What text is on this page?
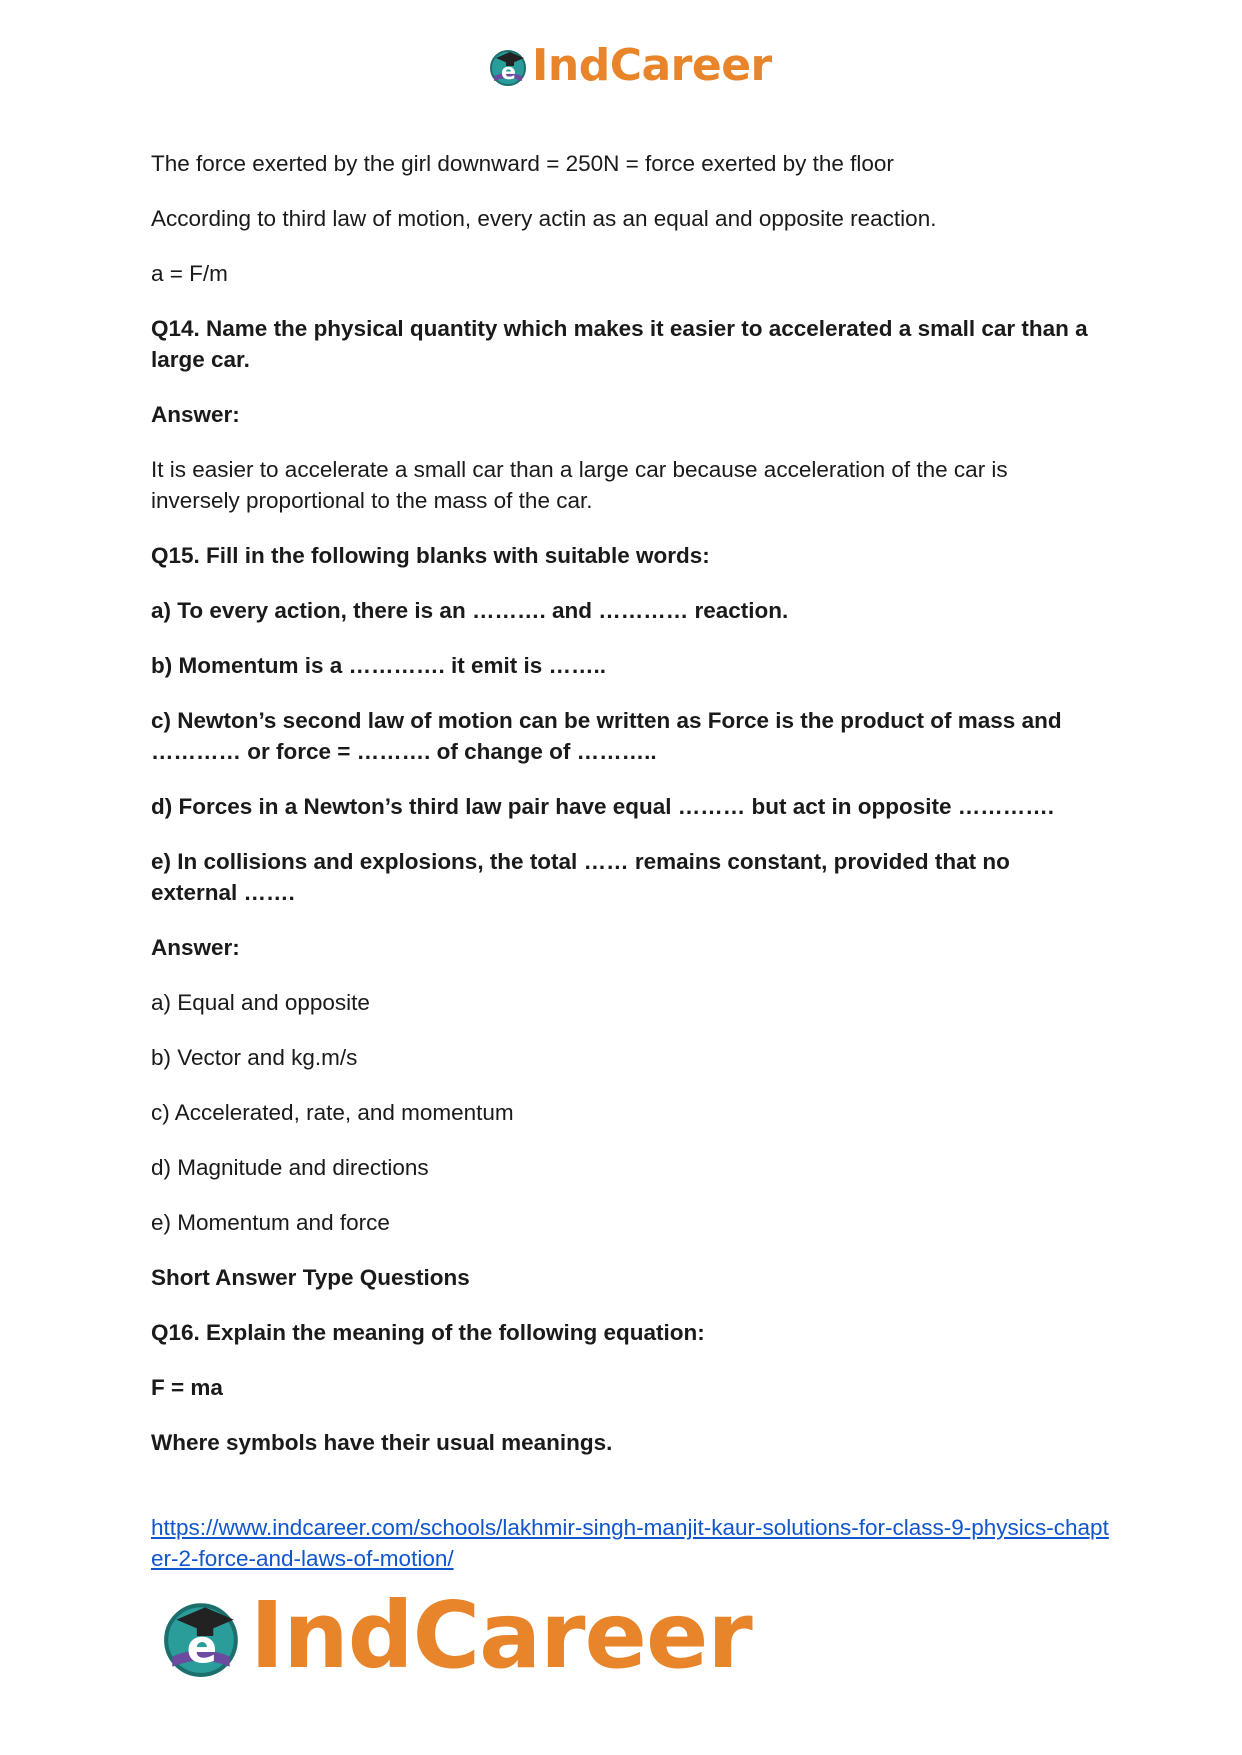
e IndCareer

The force exerted by the girl downward = 250N = force exerted by the floor

According to third law of motion, every actin as an equal and opposite reaction.

a = F/m

Q14. Name the physical quantity which makes it easier to accelerated a small car than a large car.

Answer:

It is easier to accelerate a small car than a large car because acceleration of the car is inversely proportional to the mass of the car.

Q15. Fill in the following blanks with suitable words:

a) To every action, there is an ………. and ………… reaction.

b) Momentum is a …………. it emit is ……..

c) Newton’s second law of motion can be written as Force is the product of mass and ………… or force = ………. of change of ………..

d) Forces in a Newton’s third law pair have equal ……… but act in opposite ………….

e) In collisions and explosions, the total …… remains constant, provided that no external …….

Answer:

a) Equal and opposite

b) Vector and kg.m/s

c) Accelerated, rate, and momentum

d) Magnitude and directions

e) Momentum and force

Short Answer Type Questions

Q16. Explain the meaning of the following equation:

F = ma

Where symbols have their usual meanings.

https://www.indcareer.com/schools/lakhmir-singh-manjit-kaur-solutions-for-class-9-physics-chapter-2-force-and-laws-of-motion/
e IndCareer
